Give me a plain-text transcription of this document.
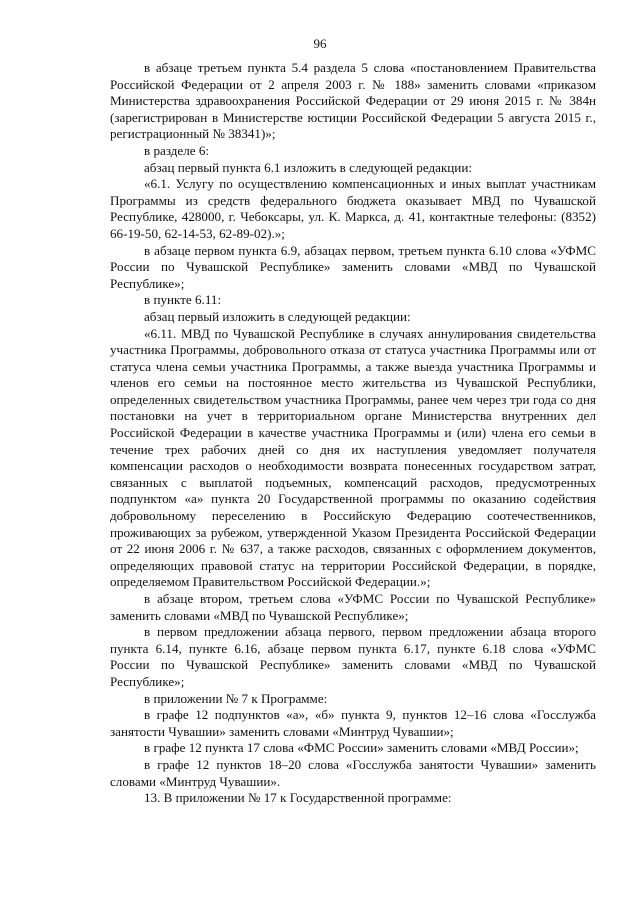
96

в абзаце третьем пункта 5.4 раздела 5 слова «постановлением Правительства Российской Федерации от 2 апреля 2003 г. № 188» заменить словами «приказом Министерства здравоохранения Российской Федерации от 29 июня 2015 г. № 384н (зарегистрирован в Министерстве юстиции Российской Федерации 5 августа 2015 г., регистрационный № 38341)»;

в разделе 6:

абзац первый пункта 6.1 изложить в следующей редакции:

«6.1. Услугу по осуществлению компенсационных и иных выплат участникам Программы из средств федерального бюджета оказывает МВД по Чувашской Республике, 428000, г. Чебоксары, ул. К. Маркса, д. 41, контактные телефоны: (8352) 66-19-50, 62-14-53, 62-89-02).»;

в абзаце первом пункта 6.9, абзацах первом, третьем пункта 6.10 слова «УФМС России по Чувашской Республике» заменить словами «МВД по Чувашской Республике»;

в пункте 6.11:

абзац первый изложить в следующей редакции:

«6.11. МВД по Чувашской Республике в случаях аннулирования свидетельства участника Программы, добровольного отказа от статуса участника Программы или от статуса члена семьи участника Программы, а также выезда участника Программы и членов его семьи на постоянное место жительства из Чувашской Республики, определенных свидетельством участника Программы, ранее чем через три года со дня постановки на учет в территориальном органе Министерства внутренних дел Российской Федерации в качестве участника Программы и (или) члена его семьи в течение трех рабочих дней со дня их наступления уведомляет получателя компенсации расходов о необходимости возврата понесенных государством затрат, связанных с выплатой подъемных, компенсаций расходов, предусмотренных подпунктом «а» пункта 20 Государственной программы по оказанию содействия добровольному переселению в Российскую Федерацию соотечественников, проживающих за рубежом, утвержденной Указом Президента Российской Федерации от 22 июня 2006 г. № 637, а также расходов, связанных с оформлением документов, определяющих правовой статус на территории Российской Федерации, в порядке, определяемом Правительством Российской Федерации.»;

в абзаце втором, третьем слова «УФМС России по Чувашской Республике» заменить словами «МВД по Чувашской Республике»;

в первом предложении абзаца первого, первом предложении абзаца второго пункта 6.14, пункте 6.16, абзаце первом пункта 6.17, пункте 6.18 слова «УФМС России по Чувашской Республике» заменить словами «МВД по Чувашской Республике»;

в приложении № 7 к Программе:

в графе 12 подпунктов «а», «б» пункта 9, пунктов 12–16 слова «Госслужба занятости Чувашии» заменить словами «Минтруд Чувашии»;

в графе 12 пункта 17 слова «ФМС России» заменить словами «МВД России»;

в графе 12 пунктов 18–20 слова «Госслужба занятости Чувашии» заменить словами «Минтруд Чувашии».

13. В приложении № 17 к Государственной программе:
